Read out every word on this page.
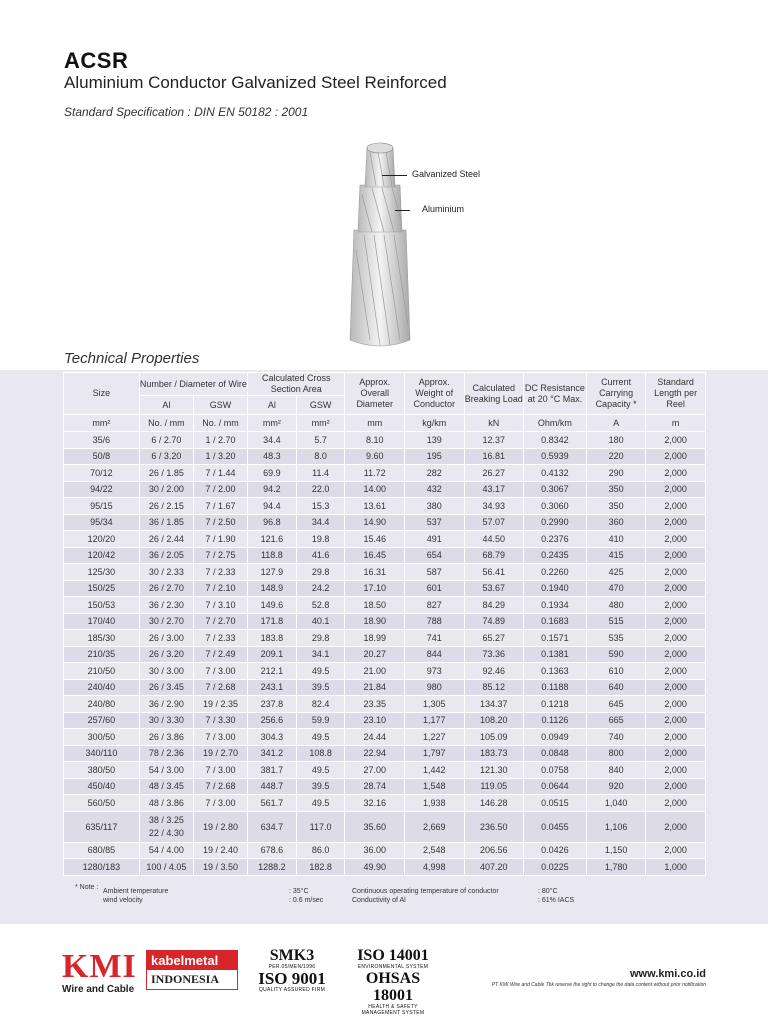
ACSR
Aluminium Conductor Galvanized Steel Reinforced
Standard Specification : DIN EN 50182 : 2001
Galvanized Steel
Aluminium
Technical Properties
Size	Number / Diameter of Wire		Calculated Cross Section Area		Approx. Overall Diameter	Approx. Weight of Conductor	Calculated Breaking Load	DC Resistance at 20 °C Max.	Current Carrying Capacity *	Standard Length per Reel
	Al	GSW	Al	GSW						
mm²	No. / mm	No. / mm	mm²	mm²	mm	kg/km	kN	Ohm/km	A	m
35/6	6 / 2.70	1 / 2.70	34.4	5.7	8.10	139	12.37	0.8342	180	2,000
50/8	6 / 3.20	1 / 3.20	48.3	8.0	9.60	195	16.81	0.5939	220	2,000
70/12	26 / 1.85	7 / 1.44	69.9	11.4	11.72	282	26.27	0.4132	290	2,000
94/22	30 / 2.00	7 / 2.00	94.2	22.0	14.00	432	43.17	0.3067	350	2,000
95/15	26 / 2.15	7 / 1.67	94.4	15.3	13.61	380	34.93	0.3060	350	2,000
95/34	36 / 1.85	7 / 2.50	96.8	34.4	14.90	537	57.07	0.2990	360	2,000
120/20	26 / 2.44	7 / 1.90	121.6	19.8	15.46	491	44.50	0.2376	410	2,000
120/42	36 / 2.05	7 / 2.75	118.8	41.6	16.45	654	68.79	0.2435	415	2,000
125/30	30 / 2.33	7 / 2.33	127.9	29.8	16.31	587	56.41	0.2260	425	2,000
150/25	26 / 2.70	7 / 2.10	148.9	24.2	17.10	601	53.67	0.1940	470	2,000
150/53	36 / 2.30	7 / 3.10	149.6	52.8	18.50	827	84.29	0.1934	480	2,000
170/40	30 / 2.70	7 / 2.70	171.8	40.1	18.90	788	74.89	0.1683	515	2,000
185/30	26 / 3.00	7 / 2.33	183.8	29.8	18.99	741	65.27	0.1571	535	2,000
210/35	26 / 3.20	7 / 2.49	209.1	34.1	20.27	844	73.36	0.1381	590	2,000
210/50	30 / 3.00	7 / 3.00	212.1	49.5	21.00	973	92.46	0.1363	610	2,000
240/40	26 / 3.45	7 / 2.68	243.1	39.5	21.84	980	85.12	0.1188	640	2,000
240/80	36 / 2.90	19 / 2.35	237.8	82.4	23.35	1,305	134.37	0.1218	645	2,000
257/60	30 / 3.30	7 / 3.30	256.6	59.9	23.10	1,177	108.20	0.1126	665	2,000
300/50	26 / 3.86	7 / 3.00	304.3	49.5	24.44	1,227	105.09	0.0949	740	2,000
340/110	78 / 2.36	19 / 2.70	341.2	108.8	22.94	1,797	183.73	0.0848	800	2,000
380/50	54 / 3.00	7 / 3.00	381.7	49.5	27.00	1,442	121.30	0.0758	840	2,000
450/40	48 / 3.45	7 / 2.68	448.7	39.5	28.74	1,548	119.05	0.0644	920	2,000
560/50	48 / 3.86	7 / 3.00	561.7	49.5	32.16	1,938	146.28	0.0515	1,040	2,000
635/117	38 / 3.25
22 / 4.30	19 / 2.80	634.7	117.0	35.60	2,669	236.50	0.0455	1,106	2,000
680/85	54 / 4.00	19 / 2.40	678.6	86.0	36.00	2,548	206.56	0.0426	1,150	2,000
1280/183	100 / 4.05	19 / 3.50	1288.2	182.8	49.90	4,998	407.20	0.0225	1,780	1,000
* Note :
Ambient temperature	: 35°C
wind velocity	: 0.6 m/sec
Continuous operating temperature of conductor	: 80°C
Conductivity of Al	: 61% IACS
KMI
Wire and Cable
kabelmetal
INDONESIA
SMK3
PER.05/MEN/1996
ISO 9001
QUALITY ASSURED FIRM
ISO 14001
ENVIRONMENTAL SYSTEM
OHSAS 18001
HEALTH & SAFETY MANAGEMENT SYSTEM
www.kmi.co.id
PT KMI Wire and Cable Tbk reserve the right to change the data content without prior notification
